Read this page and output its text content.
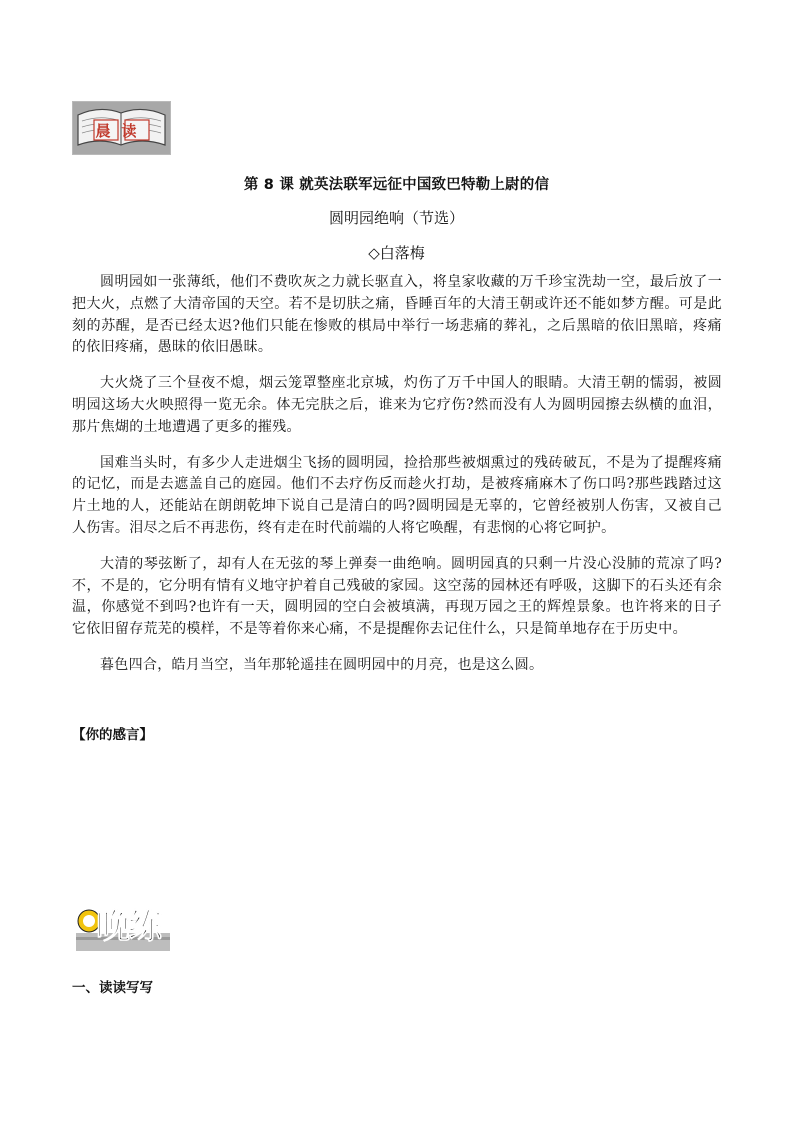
晨读
第 8 课 就英法联军远征中国致巴特勒上尉的信
圆明园绝响（节选）
◇白落梅

圆明园如一张薄纸，他们不费吹灰之力就长驱直入，将皇家收藏的万千珍宝洗劫一空，最后放了一把大火，点燃了大清帝国的天空。若不是切肤之痛，昏睡百年的大清王朝或许还不能如梦方醒。可是此刻的苏醒，是否已经太迟?他们只能在惨败的棋局中举行一场悲痛的葬礼，之后黑暗的依旧黑暗，疼痛的依旧疼痛，愚昧的依旧愚昧。

大火烧了三个昼夜不熄，烟云笼罩整座北京城，灼伤了万千中国人的眼睛。大清王朝的懦弱，被圆明园这场大火映照得一览无余。体无完肤之后，谁来为它疗伤?然而没有人为圆明园擦去纵横的血泪，那片焦煳的土地遭遇了更多的摧残。

国难当头时，有多少人走进烟尘飞扬的圆明园，捡拾那些被烟熏过的残砖破瓦，不是为了提醒疼痛的记忆，而是去遮盖自己的庭园。他们不去疗伤反而趁火打劫，是被疼痛麻木了伤口吗?那些践踏过这片土地的人，还能站在朗朗乾坤下说自己是清白的吗?圆明园是无辜的，它曾经被别人伤害，又被自己人伤害。泪尽之后不再悲伤，终有走在时代前端的人将它唤醒，有悲悯的心将它呵护。

大清的琴弦断了，却有人在无弦的琴上弹奏一曲绝响。圆明园真的只剩一片没心没肺的荒凉了吗?不，不是的，它分明有情有义地守护着自己残破的家园。这空荡的园林还有呼吸，这脚下的石头还有余温，你感觉不到吗?也许有一天，圆明园的空白会被填满，再现万园之王的辉煌景象。也许将来的日子它依旧留存荒芜的模样，不是等着你来心痛，不是提醒你去记住什么，只是简单地存在于历史中。

暮色四合，皓月当空，当年那轮遥挂在圆明园中的月亮，也是这么圆。

【你的感言】
晚练
一、读读写写
